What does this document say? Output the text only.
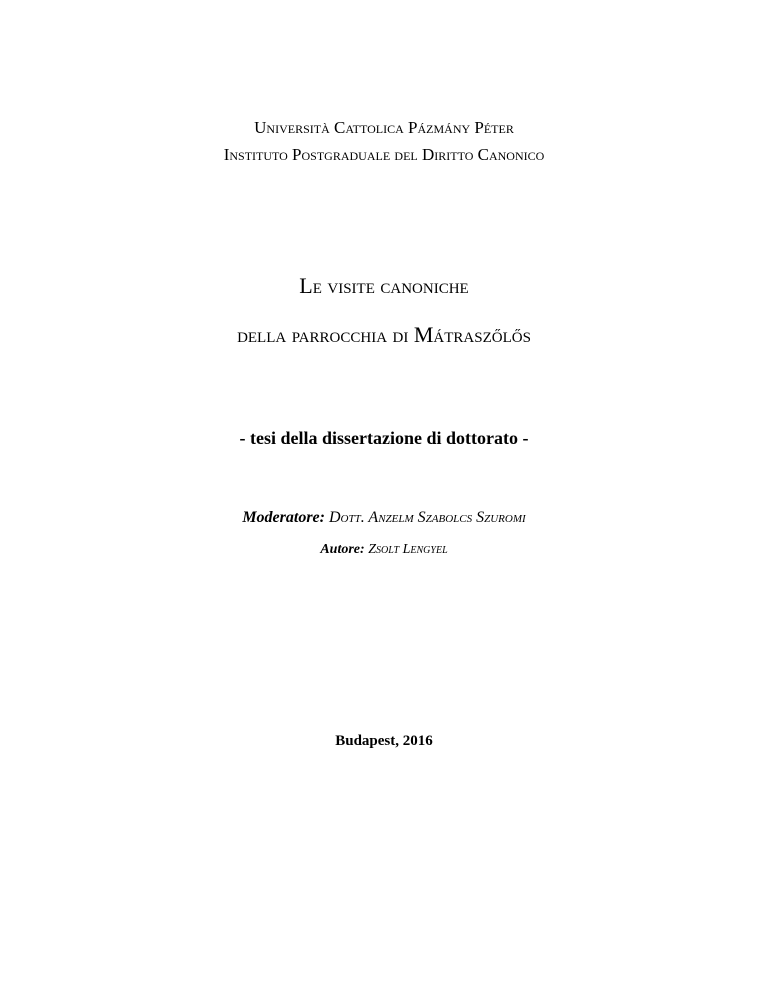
Università Cattolica Pázmány Péter
Instituto Postgraduale del Diritto Canonico
Le visite canoniche
della parrocchia di Mátraszőlős
- tesi della dissertazione di dottorato -
Moderatore: Dott. Anzelm Szabolcs Szuromi
Autore: Zsolt Lengyel
Budapest, 2016
